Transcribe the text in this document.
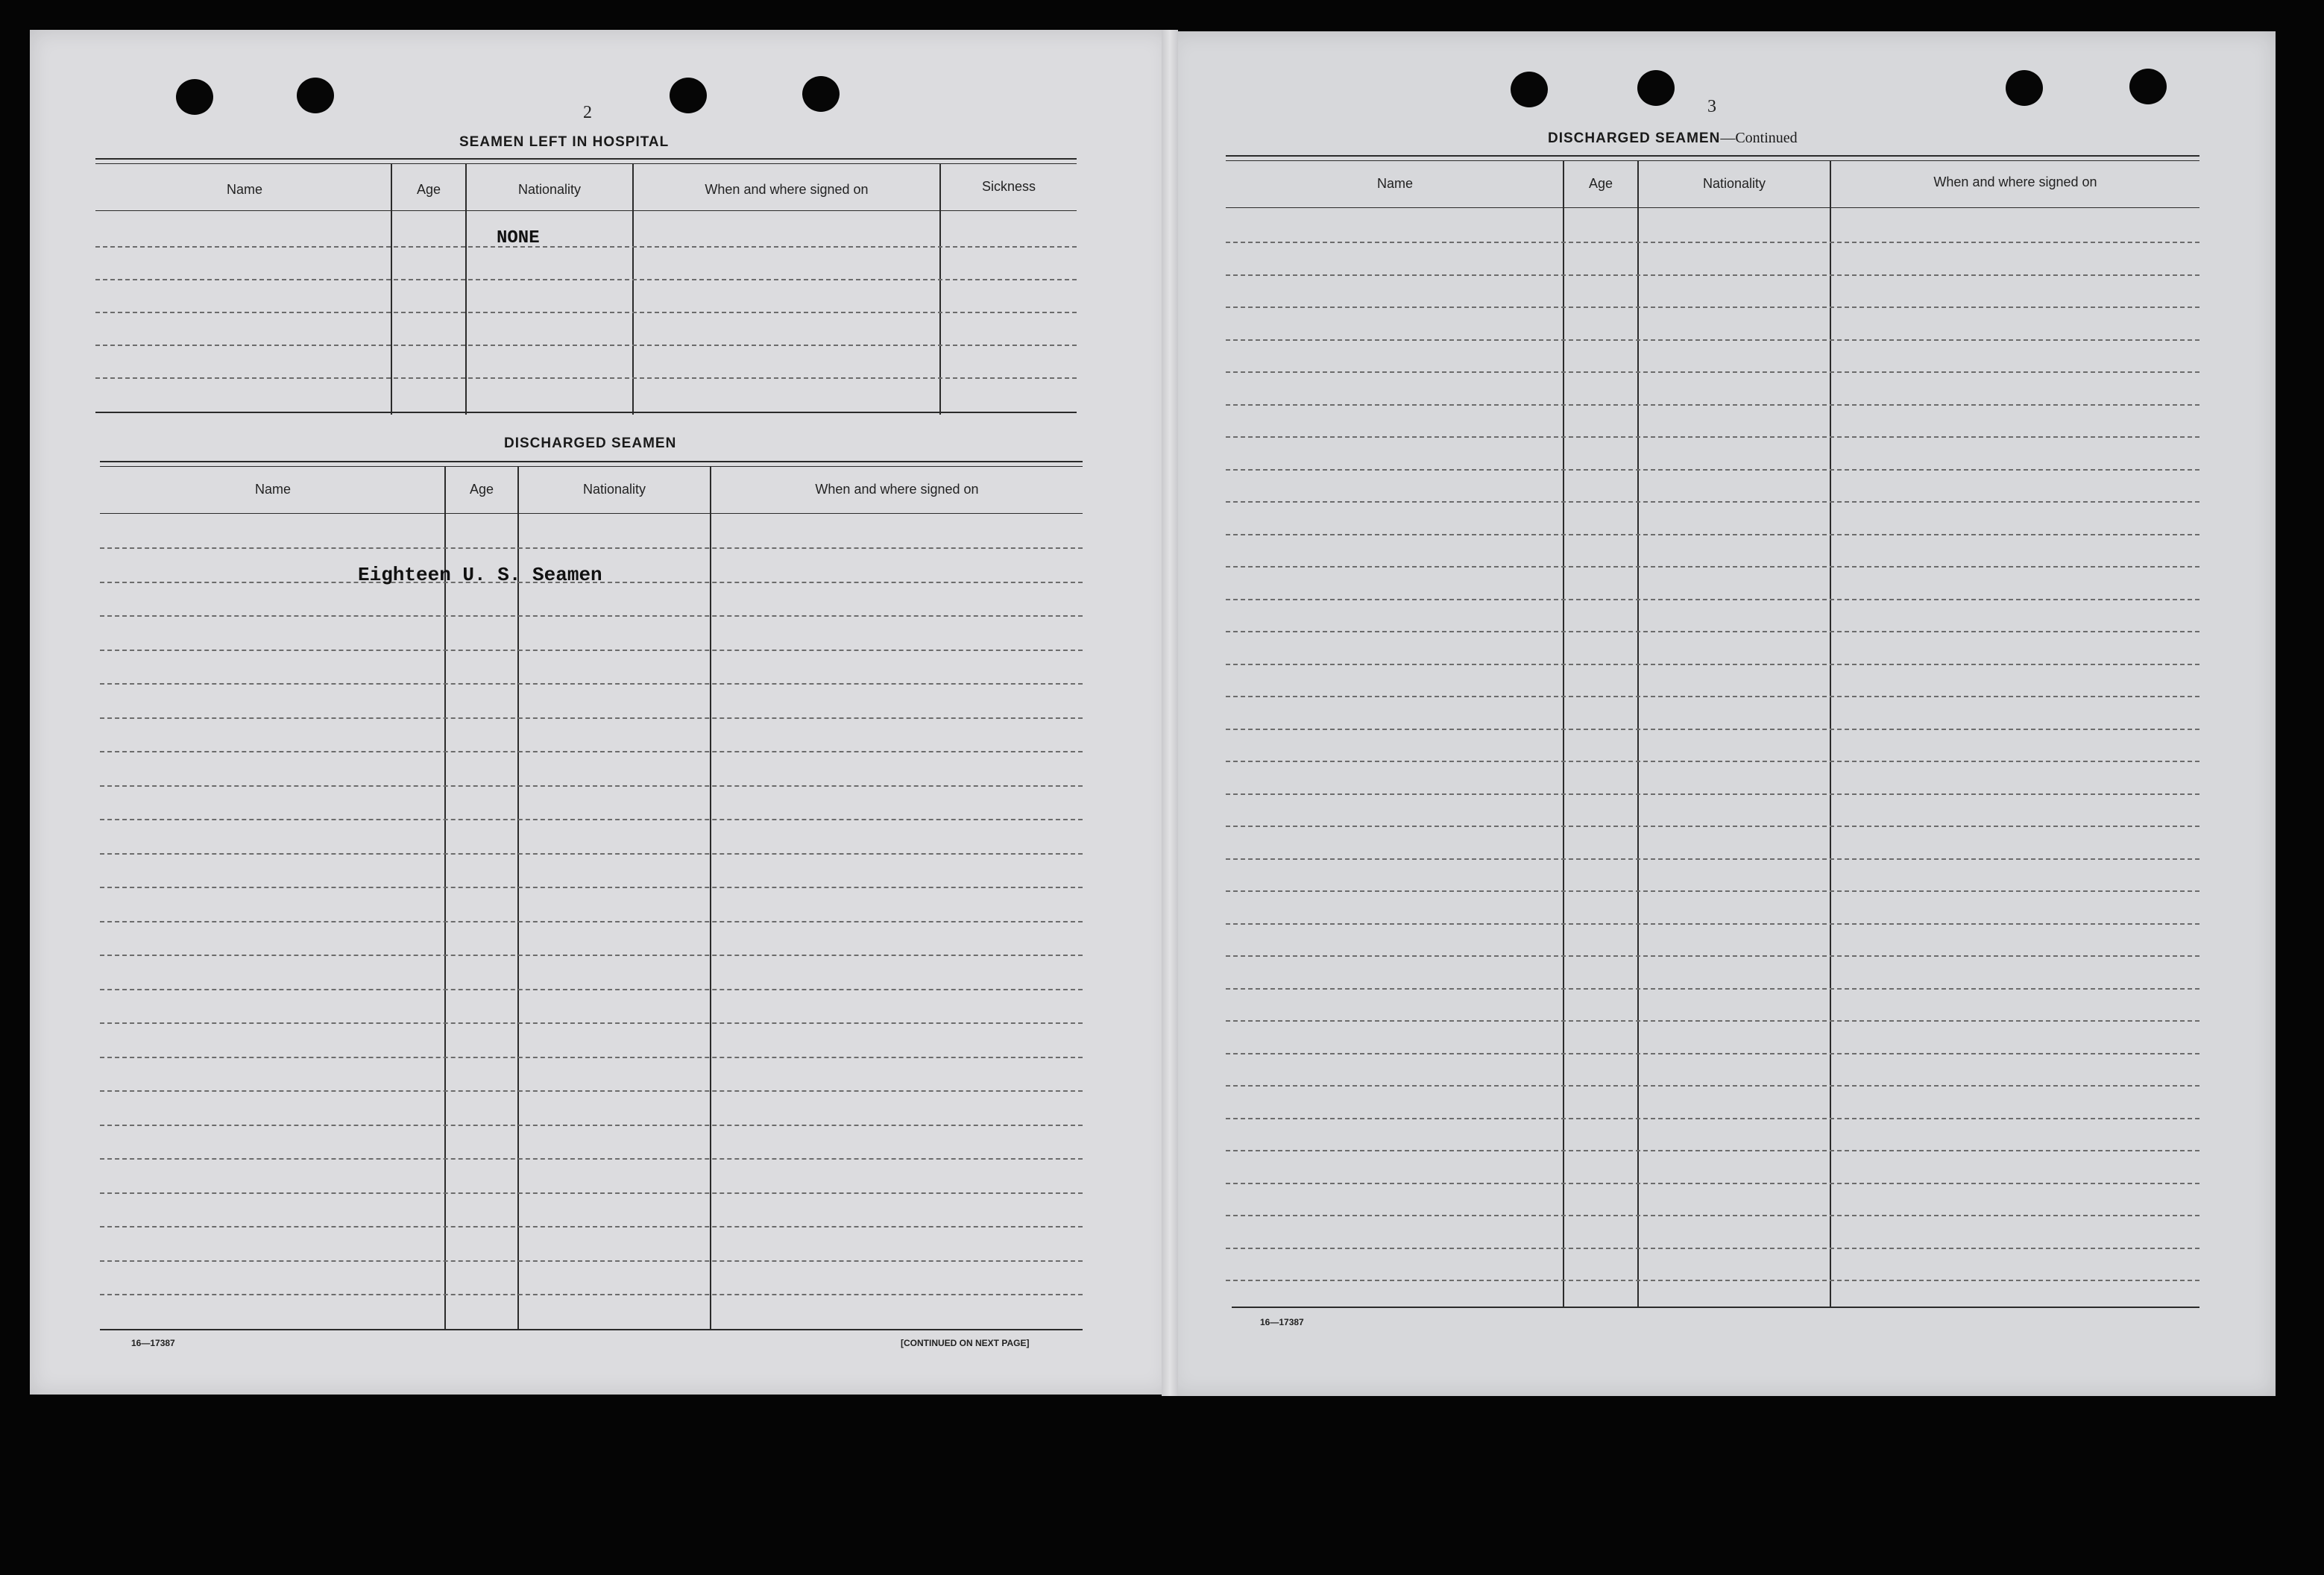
2
SEAMEN LEFT IN HOSPITAL
Name	Age	Nationality	When and where signed on	Sickness
NONE
DISCHARGED SEAMEN
Name	Age	Nationality	When and where signed on
Eighteen U. S. Seamen
16—17387	[CONTINUED ON NEXT PAGE]
3
DISCHARGED SEAMEN—Continued
Name	Age	Nationality	When and where signed on
16—17387
